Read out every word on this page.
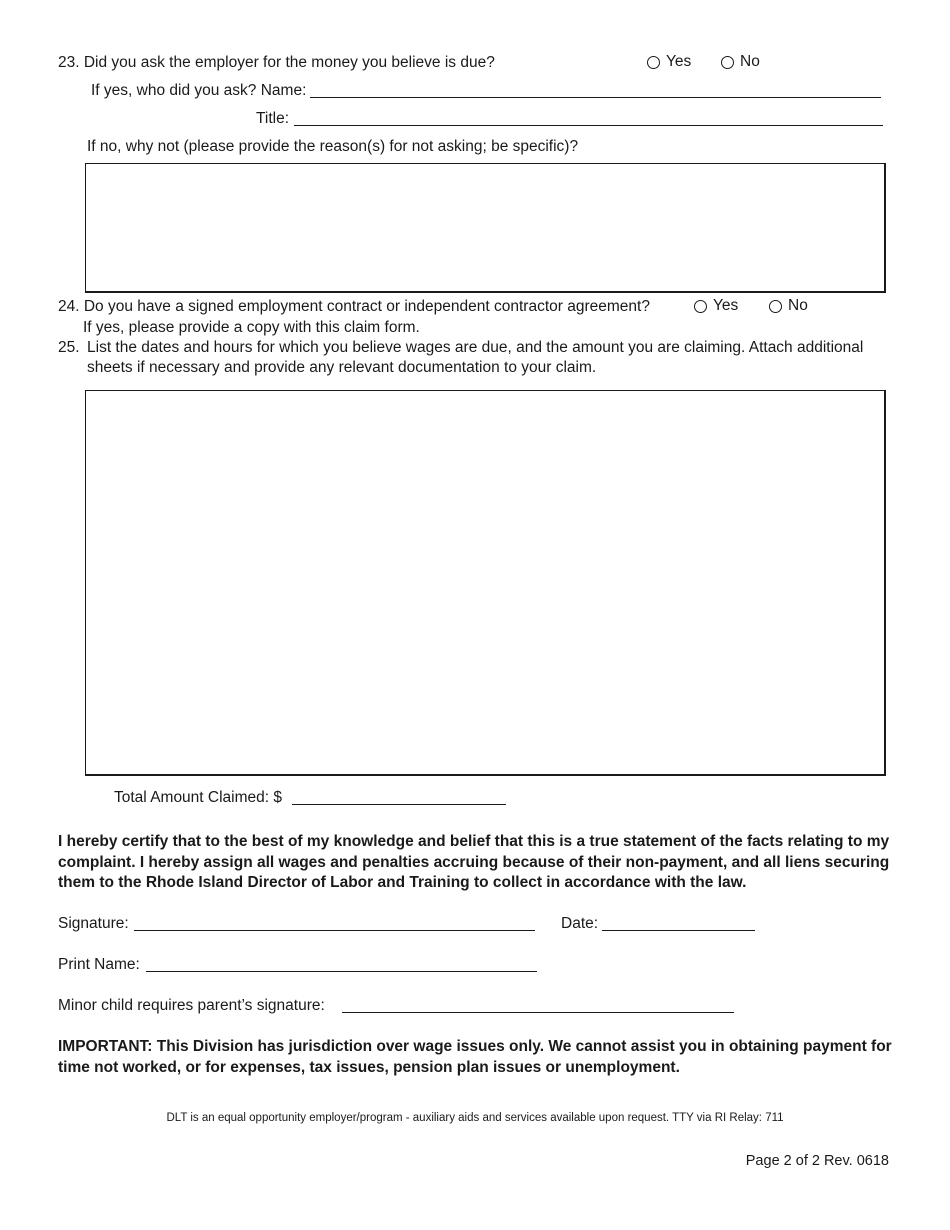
23. Did you ask the employer for the money you believe is due?	Yes	No
If yes, who did you ask? Name:
Title:
If no, why not (please provide the reason(s) for not asking; be specific)?
24. Do you have a signed employment contract or independent contractor agreement?	Yes	No
If yes, please provide a copy with this claim form.
25. List the dates and hours for which you believe wages are due, and the amount you are claiming. Attach additional
sheets if necessary and provide any relevant documentation to your claim.
Total Amount Claimed: $
I hereby certify that to the best of my knowledge and belief that this is a true statement of the facts relating to my complaint. I hereby assign all wages and penalties accruing because of their non-payment, and all liens securing them to the Rhode Island Director of Labor and Training to collect in accordance with the law.
Signature:	Date:
Print Name:
Minor child requires parent’s signature:
IMPORTANT: This Division has jurisdiction over wage issues only. We cannot assist you in obtaining payment for time not worked, or for expenses, tax issues, pension plan issues or unemployment.
DLT is an equal opportunity employer/program - auxiliary aids and services available upon request. TTY via RI Relay: 711
Page 2 of 2 Rev. 0618
